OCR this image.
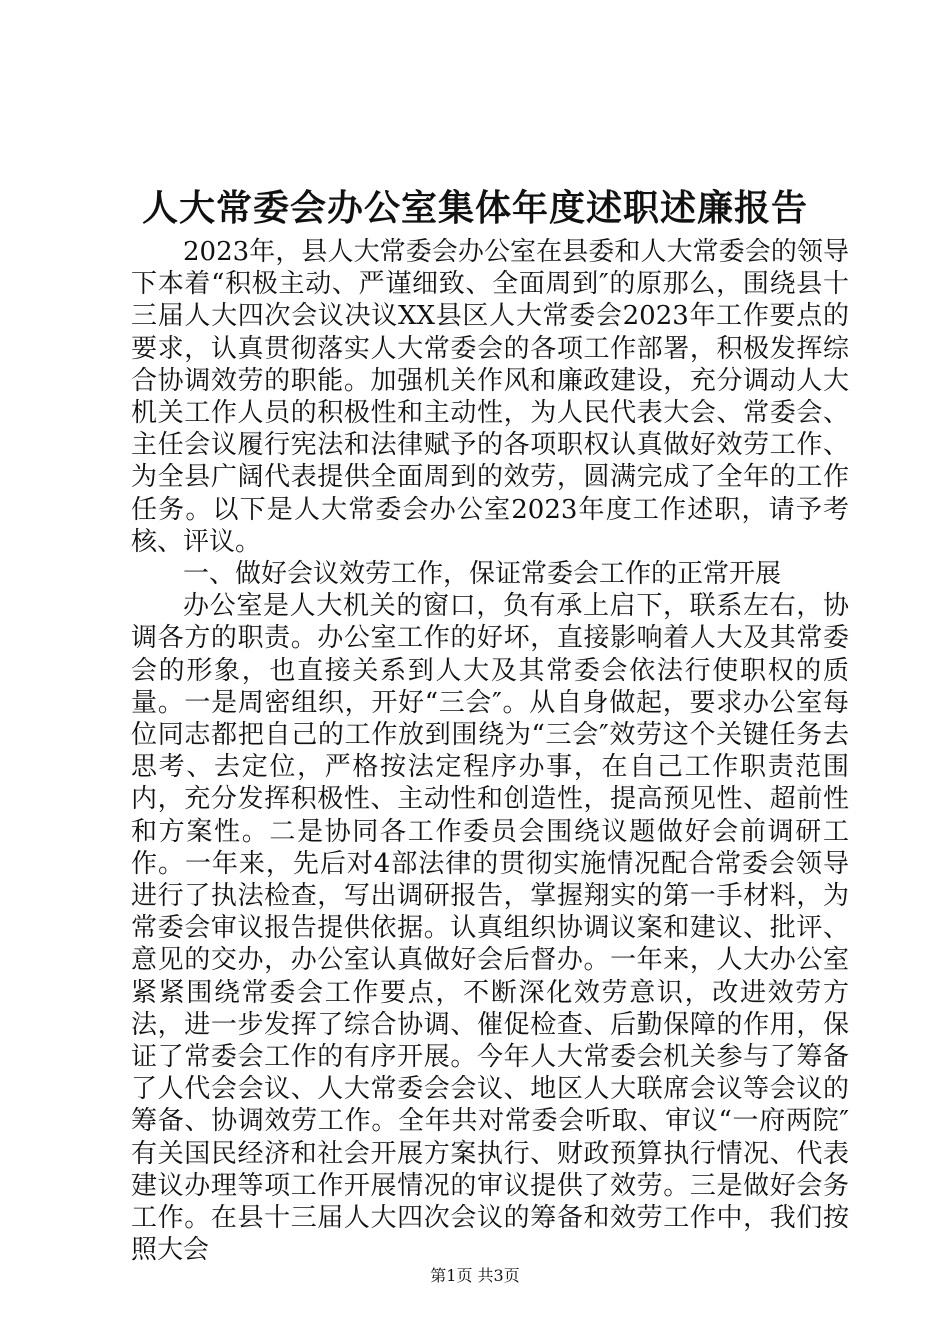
人大常委会办公室集体年度述职述廉报告

2023年，县人大常委会办公室在县委和人大常委会的领导下本着“积极主动、严谨细致、全面周到″的原那么，围绕县十三届人大四次会议决议XX县区人大常委会2023年工作要点的要求，认真贯彻落实人大常委会的各项工作部署，积极发挥综合协调效劳的职能。加强机关作风和廉政建设，充分调动人大机关工作人员的积极性和主动性，为人民代表大会、常委会、主任会议履行宪法和法律赋予的各项职权认真做好效劳工作、为全县广阔代表提供全面周到的效劳，圆满完成了全年的工作任务。以下是人大常委会办公室2023年度工作述职，请予考核、评议。

一、做好会议效劳工作，保证常委会工作的正常开展

办公室是人大机关的窗口，负有承上启下，联系左右，协调各方的职责。办公室工作的好坏，直接影响着人大及其常委会的形象，也直接关系到人大及其常委会依法行使职权的质量。一是周密组织，开好“三会″。从自身做起，要求办公室每位同志都把自己的工作放到围绕为“三会″效劳这个关键任务去思考、去定位，严格按法定程序办事，在自己工作职责范围内，充分发挥积极性、主动性和创造性，提高预见性、超前性和方案性。二是协同各工作委员会围绕议题做好会前调研工作。一年来，先后对4部法律的贯彻实施情况配合常委会领导进行了执法检查，写出调研报告，掌握翔实的第一手材料，为常委会审议报告提供依据。认真组织协调议案和建议、批评、意见的交办，办公室认真做好会后督办。一年来，人大办公室紧紧围绕常委会工作要点，不断深化效劳意识，改进效劳方法，进一步发挥了综合协调、催促检查、后勤保障的作用，保证了常委会工作的有序开展。今年人大常委会机关参与了筹备了人代会会议、人大常委会会议、地区人大联席会议等会议的筹备、协调效劳工作。全年共对常委会听取、审议“一府两院″有关国民经济和社会开展方案执行、财政预算执行情况、代表建议办理等项工作开展情况的审议提供了效劳。三是做好会务工作。在县十三届人大四次会议的筹备和效劳工作中，我们按照大会

第1页 共3页
